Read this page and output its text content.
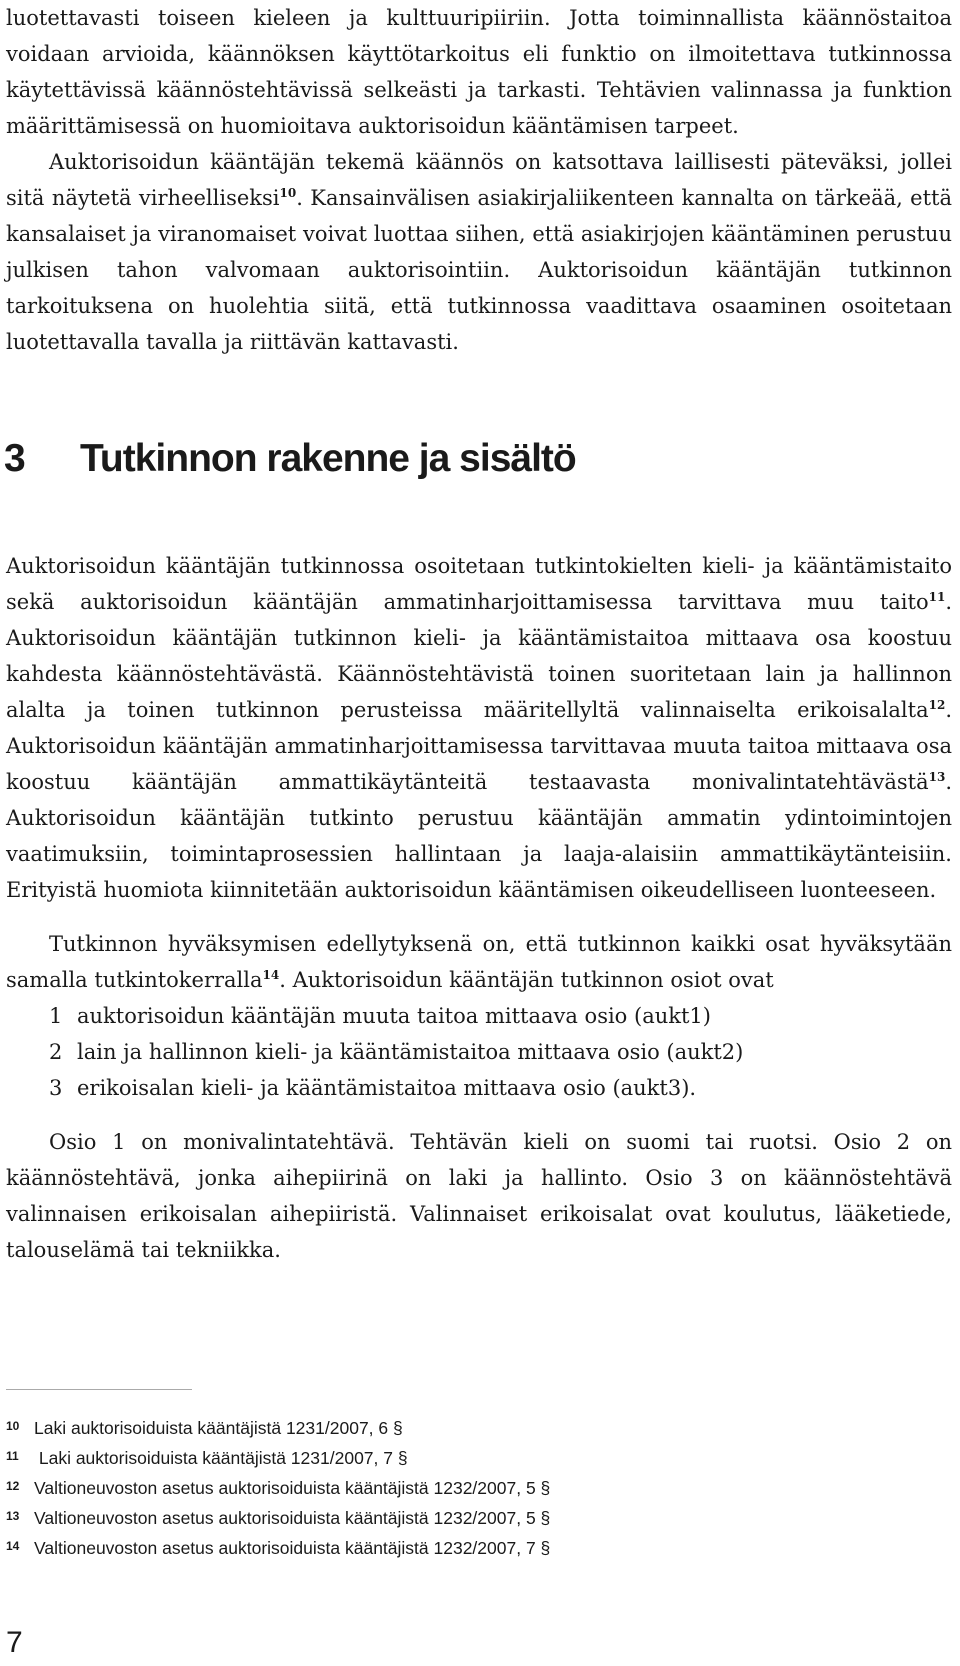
luotettavasti toiseen kieleen ja kulttuuripiiriin. Jotta toiminnallista käännöstaitoa voidaan arvioida, käännöksen käyttötarkoitus eli funktio on ilmoitettava tutkinnossa käytettävissä käännöstehtävissä selkeästi ja tarkasti. Tehtävien valinnassa ja funktion määrittämisessä on huomioitava auktorisoidun kääntämisen tarpeet.

Auktorisoidun kääntäjän tekemä käännös on katsottava laillisesti päteväksi, jollei sitä näytetä virheelliseksi$^{10}$. Kansainvälisen asiakirjaliikenteen kannalta on tärkeää, että kansalaiset ja viranomaiset voivat luottaa siihen, että asiakirjojen kääntäminen perustuu julkisen tahon valvomaan auktorisointiin. Auktorisoidun kääntäjän tutkinnon tarkoituksena on huolehtia siitä, että tutkinnossa vaadittava osaaminen osoitetaan luotettavalla tavalla ja riittävän kattavasti.

3 Tutkinnon rakenne ja sisältö

Auktorisoidun kääntäjän tutkinnossa osoitetaan tutkintokielten kieli- ja kääntämistaito sekä auktorisoidun kääntäjän ammatinharjoittamisessa tarvittava muu taito$^{11}$. Auktorisoidun kääntäjän tutkinnon kieli- ja kääntämistaitoa mittaava osa koostuu kahdesta käännöstehtävästä. Käännöstehtävistä toinen suoritetaan lain ja hallinnon alalta ja toinen tutkinnon perusteissa määritellyltä valinnaiselta erikoisalalta$^{12}$. Auktorisoidun kääntäjän ammatinharjoittamisessa tarvittavaa muuta taitoa mittaava osa koostuu kääntäjän ammattikäytänteitä testaavasta monivalintatehtävästä$^{13}$. Auktorisoidun kääntäjän tutkinto perustuu kääntäjän ammatin ydintoimintojen vaatimuksiin, toimintaprosessien hallintaan ja laaja-alaisiin ammattikäytänteisiin. Erityistä huomiota kiinnitetään auktorisoidun kääntämisen oikeudelliseen luonteeseen.

Tutkinnon hyväksymisen edellytyksenä on, että tutkinnon kaikki osat hyväksytään samalla tutkintokerralla$^{14}$. Auktorisoidun kääntäjän tutkinnon osiot ovat

1 auktorisoidun kääntäjän muuta taitoa mittaava osio (aukt1)
2 lain ja hallinnon kieli- ja kääntämistaitoa mittaava osio (aukt2)
3 erikoisalan kieli- ja kääntämistaitoa mittaava osio (aukt3).

Osio 1 on monivalintatehtävä. Tehtävän kieli on suomi tai ruotsi. Osio 2 on käännöstehtävä, jonka aihepiirinä on laki ja hallinto. Osio 3 on käännöstehtävä valinnaisen erikoisalan aihepiiristä. Valinnaiset erikoisalat ovat koulutus, lääketiede, talouselämä tai tekniikka.

10 Laki auktorisoiduista kääntäjistä 1231/2007, 6 §
11 Laki auktorisoiduista kääntäjistä 1231/2007, 7 §
12 Valtioneuvoston asetus auktorisoiduista kääntäjistä 1232/2007, 5 §
13 Valtioneuvoston asetus auktorisoiduista kääntäjistä 1232/2007, 5 §
14 Valtioneuvoston asetus auktorisoiduista kääntäjistä 1232/2007, 7 §
7
